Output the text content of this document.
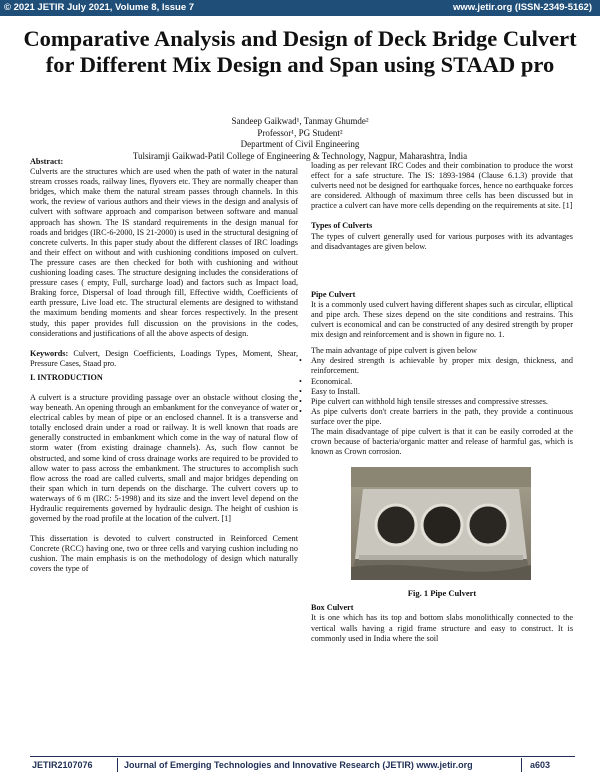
© 2021 JETIR July 2021, Volume 8, Issue 7	www.jetir.org (ISSN-2349-5162)
Comparative Analysis and Design of Deck Bridge Culvert for Different Mix Design and Span using STAAD pro
Sandeep Gaikwad¹, Tanmay Ghumde²
Professor¹, PG Student²
Department of Civil Engineering
Tulsiramji Gaikwad-Patil College of Engineering & Technology, Nagpur, Maharashtra, India

Abstract:

Culverts are the structures which are used when the path of water in the natural stream crosses roads, railway lines, flyovers etc. They are normally cheaper than bridges, which make them the natural stream passes through channels. In this work, the review of various authors and their views in the design and analysis of culvert with software approach and comparison between software and manual approach has shown. The IS standard requirements in the design manual for roads and bridges (IRC-6-2000, IS 21-2000) is used in the structural designing of concrete culverts. In this paper study about the different classes of IRC loadings and their effect on without and with cushioning conditions imposed on culvert. The pressure cases are then checked for both with cushioning and without cushioning loading cases. The structure designing includes the considerations of pressure cases ( empty, Full, surcharge load) and factors such as Impact load, Braking force, Dispersal of load through fill, Effective width, Coefficients of earth pressure, Live load etc. The structural elements are designed to withstand the maximum bending moments and shear forces respectively. In the present study, this paper provides full discussion on the provisions in the codes, considerations and justifications of all the above aspects of design.

Keywords: Culvert, Design Coefficients, Loadings Types, Moment, Shear, Pressure Cases, Staad pro.

I. INTRODUCTION

A culvert is a structure providing passage over an obstacle without closing the way beneath. An opening through an embankment for the conveyance of water or electrical cables by mean of pipe or an enclosed channel. It is a transverse and totally enclosed drain under a road or railway. It is well known that roads are generally constructed in embankment which come in the way of natural flow of storm water (from existing drainage channels). As, such flow cannot be obstructed, and some kind of cross drainage works are required to be provided to allow water to pass across the embankment. The structures to accomplish such flow across the road are called culverts, small and major bridges depending on their span which in turn depends on the discharge. The culvert covers up to waterways of 6 m (IRC: 5-1998) and its size and the invert level depend on the Hydraulic requirements governed by hydraulic design. The height of cushion is governed by the road profile at the location of the culvert. [1]

This dissertation is devoted to culvert constructed in Reinforced Cement Concrete (RCC) having one, two or three cells and varying cushion including no cushion. The main emphasis is on the methodology of design which naturally covers the type of

loading as per relevant IRC Codes and their combination to produce the worst effect for a safe structure. The IS: 1893-1984 (Clause 6.1.3) provide that culverts need not be designed for earthquake forces, hence no earthquake forces are considered. Although of maximum three cells has been discussed but in practice a culvert can have more cells depending on the requirements at site. [1]

Types of Culverts

The types of culvert generally used for various purposes with its advantages and disadvantages are given below.

Pipe Culvert

It is a commonly used culvert having different shapes such as circular, elliptical and pipe arch. These sizes depend on the site conditions and restrains. This culvert is economical and can be constructed of any desired strength by proper mix design and reinforcement and is shown in figure no. 1.

The main advantage of pipe culvert is given below

• Any desired strength is achievable by proper mix design, thickness, and reinforcement.
• Economical.
• Easy to Install.
• Pipe culvert can withhold high tensile stresses and compressive stresses.
• As pipe culverts don't create barriers in the path, they provide a continuous surface over the pipe.

The main disadvantage of pipe culvert is that it can be easily corroded at the crown because of bacteria/organic matter and release of harmful gas, which is known as Crown corrosion.

Fig. 1 Pipe Culvert

Box Culvert

It is one which has its top and bottom slabs monolithically connected to the vertical walls having a rigid frame structure and easy to construct. It is commonly used in India where the soil

JETIR2107076	Journal of Emerging Technologies and Innovative Research (JETIR) www.jetir.org	a603
